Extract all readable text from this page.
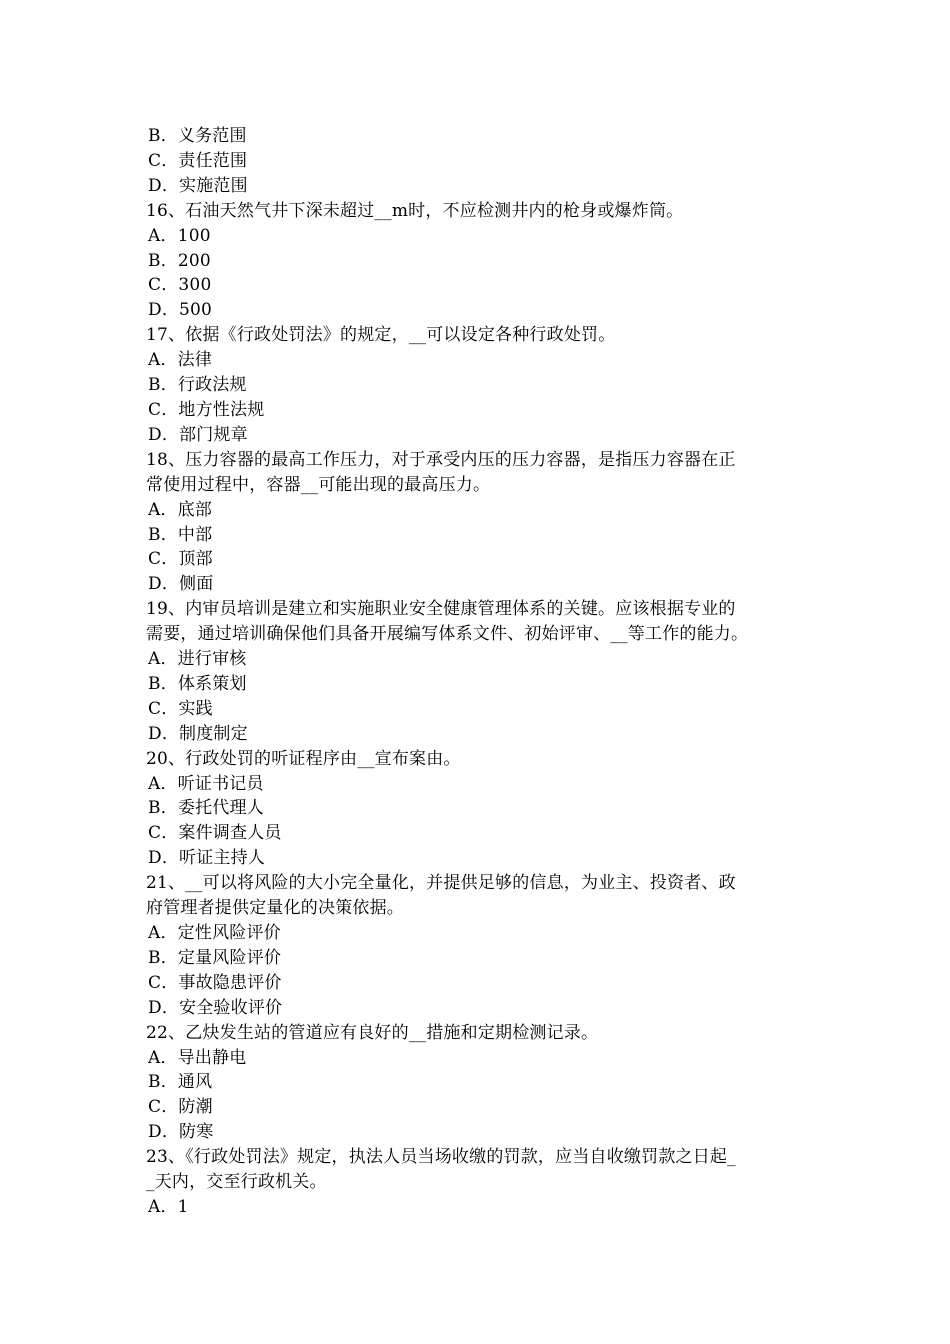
B．义务范围
C．责任范围
D．实施范围
16、石油天然气井下深未超过__m时，不应检测井内的枪身或爆炸筒。
A．100
B．200
C．300
D．500
17、依据《行政处罚法》的规定，__可以设定各种行政处罚。
A．法律
B．行政法规
C．地方性法规
D．部门规章
18、压力容器的最高工作压力，对于承受内压的压力容器，是指压力容器在正
常使用过程中，容器__可能出现的最高压力。
A．底部
B．中部
C．顶部
D．侧面
19、内审员培训是建立和实施职业安全健康管理体系的关键。应该根据专业的
需要，通过培训确保他们具备开展编写体系文件、初始评审、__等工作的能力。
A．进行审核
B．体系策划
C．实践
D．制度制定
20、行政处罚的听证程序由__宣布案由。
A．听证书记员
B．委托代理人
C．案件调查人员
D．听证主持人
21、__可以将风险的大小完全量化，并提供足够的信息，为业主、投资者、政
府管理者提供定量化的决策依据。
A．定性风险评价
B．定量风险评价
C．事故隐患评价
D．安全验收评价
22、乙炔发生站的管道应有良好的__措施和定期检测记录。
A．导出静电
B．通风
C．防潮
D．防寒
23、《行政处罚法》规定，执法人员当场收缴的罚款，应当自收缴罚款之日起_
_天内，交至行政机关。
A．1
